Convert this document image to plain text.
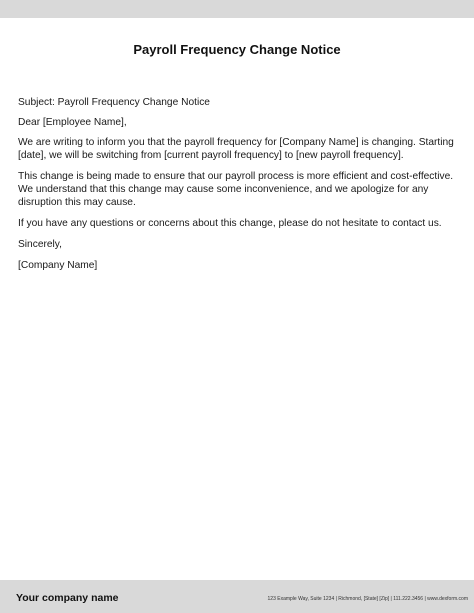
Payroll Frequency Change Notice

Subject: Payroll Frequency Change Notice

Dear [Employee Name],

We are writing to inform you that the payroll frequency for [Company Name] is changing. Starting [date], we will be switching from [current payroll frequency] to [new payroll frequency].

This change is being made to ensure that our payroll process is more efficient and cost-effective. We understand that this change may cause some inconvenience, and we apologize for any disruption this may cause.

If you have any questions or concerns about this change, please do not hesitate to contact us.

Sincerely,

[Company Name]

Your company name	123 Example Way, Suite 1234 | Richmond, [State] [Zip] | 111.222.3456 | www.dexform.com
